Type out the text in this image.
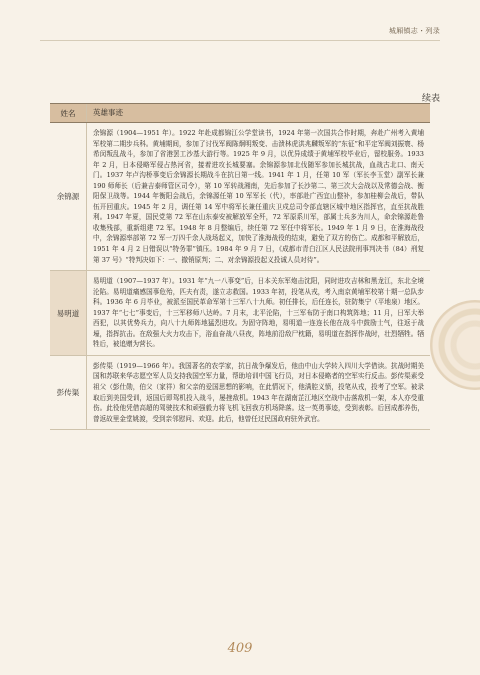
城厢镇志・列录
续表
姓名	英雄事迹
余锦源
余锦源（1904—1951 年）。1922 年赴成都锦江公学堂读书，1924 年第一次国共合作时期，奔赴广州考入黄埔军校第二期步兵科。黄埔期间，参加了讨伐军阀陈炯明叛变、击溃林虎洪兆麟叛军的“东征”和平定军阀刘振寰、杨希闵叛乱战斗，参加了省港罢工沙基大游行等。1925 年 9 月，以优异成绩于黄埔军校毕业后，留校服务。1933 年 2 月，日本侵略军侵占热河省，接着进攻长城要塞。余锦源参加北伐随军参加长城抗战，血战古北口、南天门。1937 年卢沟桥事变后余锦源长期战斗在抗日第一线。1941 年 1 月，任第 10 军（军长李玉堂）副军长兼 190 师师长（后兼吉泰师管区司令），第 10 军转战湘南，先后参加了长沙第二、第三次大会战以及常德会战、衡阳保卫战等。1944 年衡阳会战后，余锦源任第 10 军军长（代），率部赴广西宜山整补，参加桂柳会战后，带队伍开回重庆。1945 年 2 月，调任第 14 军中将军长兼任重庆卫戍总司令部直辖区城中地区指挥官，直至抗战胜利。1947 年夏，国民党第 72 军在山东泰安被解放军全歼，72 军原系川军，部属士兵多为川人，命余锦源赴鲁收集残部，重新组建 72 军。1948 年 8 月整编后，续任第 72 军任中将军长。1949 年 1 月 9 日，在淮海战役中，余锦源率部第 72 军一万四千余人战场起义，加快了淮海战役的结束，避免了双方的伤亡。成都和平解放后，1951 年 4 月 2 日错误以“特务罪”镇压。1984 年 9 月 7 日，《成都市青白江区人民法院刑事判决书（84）刑复第 37 号》“特判决如下：一、撤销原判；二、对余锦源投起义投诚人员对待”。
易明道
易明道（1907—1937 年）。1931 年“九一八事变”后，日本关东军炮击沈阳，同时进攻吉林和黑龙江，东北全境沦陷。易明道痛感国事危殆，匹夫有责，遂立志救国。1933 年初，投笔从戎，考入南京黄埔军校第十期一总队步科。1936 年 6 月毕业，被派至国民革命军第十三军八十九师。初任排长，后任连长，驻防集宁（平地泉）地区。1937 年“七七”事变后，十三军移师八达岭。7 月末，北平沦陷，十三军布防于南口构筑阵地；11 月，日军大举西犯，以其优势兵力，向八十九师阵地猛烈进攻。为固守阵地，易明道一连连长他在战斗中鼓励士气，往返于战壕，指挥抗击。在敌强大火力攻击下，浴血奋战八昼夜，阵地前沿敌尸枕籍，易明道在指挥作战时，壮烈牺牲。牺牲后，被追赠为营长。
彭传渠
彭传渠（1919—1966 年）。我国著名的农学家，抗日战争爆发后，他由中山大学转入四川大学借读。抗战时期美国和苏联来华志愿空军人员支持我国空军力量，帮助培训中国飞行员，对日本侵略者的空军实行反击。彭传渠素受祖父（彭仕勋，伯父（家祥）和父亲的爱国思想的影响，在此情况下，他满腔义愤，投笔从戎，投考了空军。被录取后到美国受训，返国后即驾机投入战斗，屡挫敌机。1943 年在湖南芷江地区空战中击落敌机一架，本人亦受重伤。此役他凭借高超的驾驶技术和顽强毅力将飞机飞回我方机场降落。这一英勇事迹，受到表彰。后回成都养伤，曾返故里金堂姚渡，受到亲邻慰问、欢迎。此后，他曾任过民国政府驻外武官。
409
